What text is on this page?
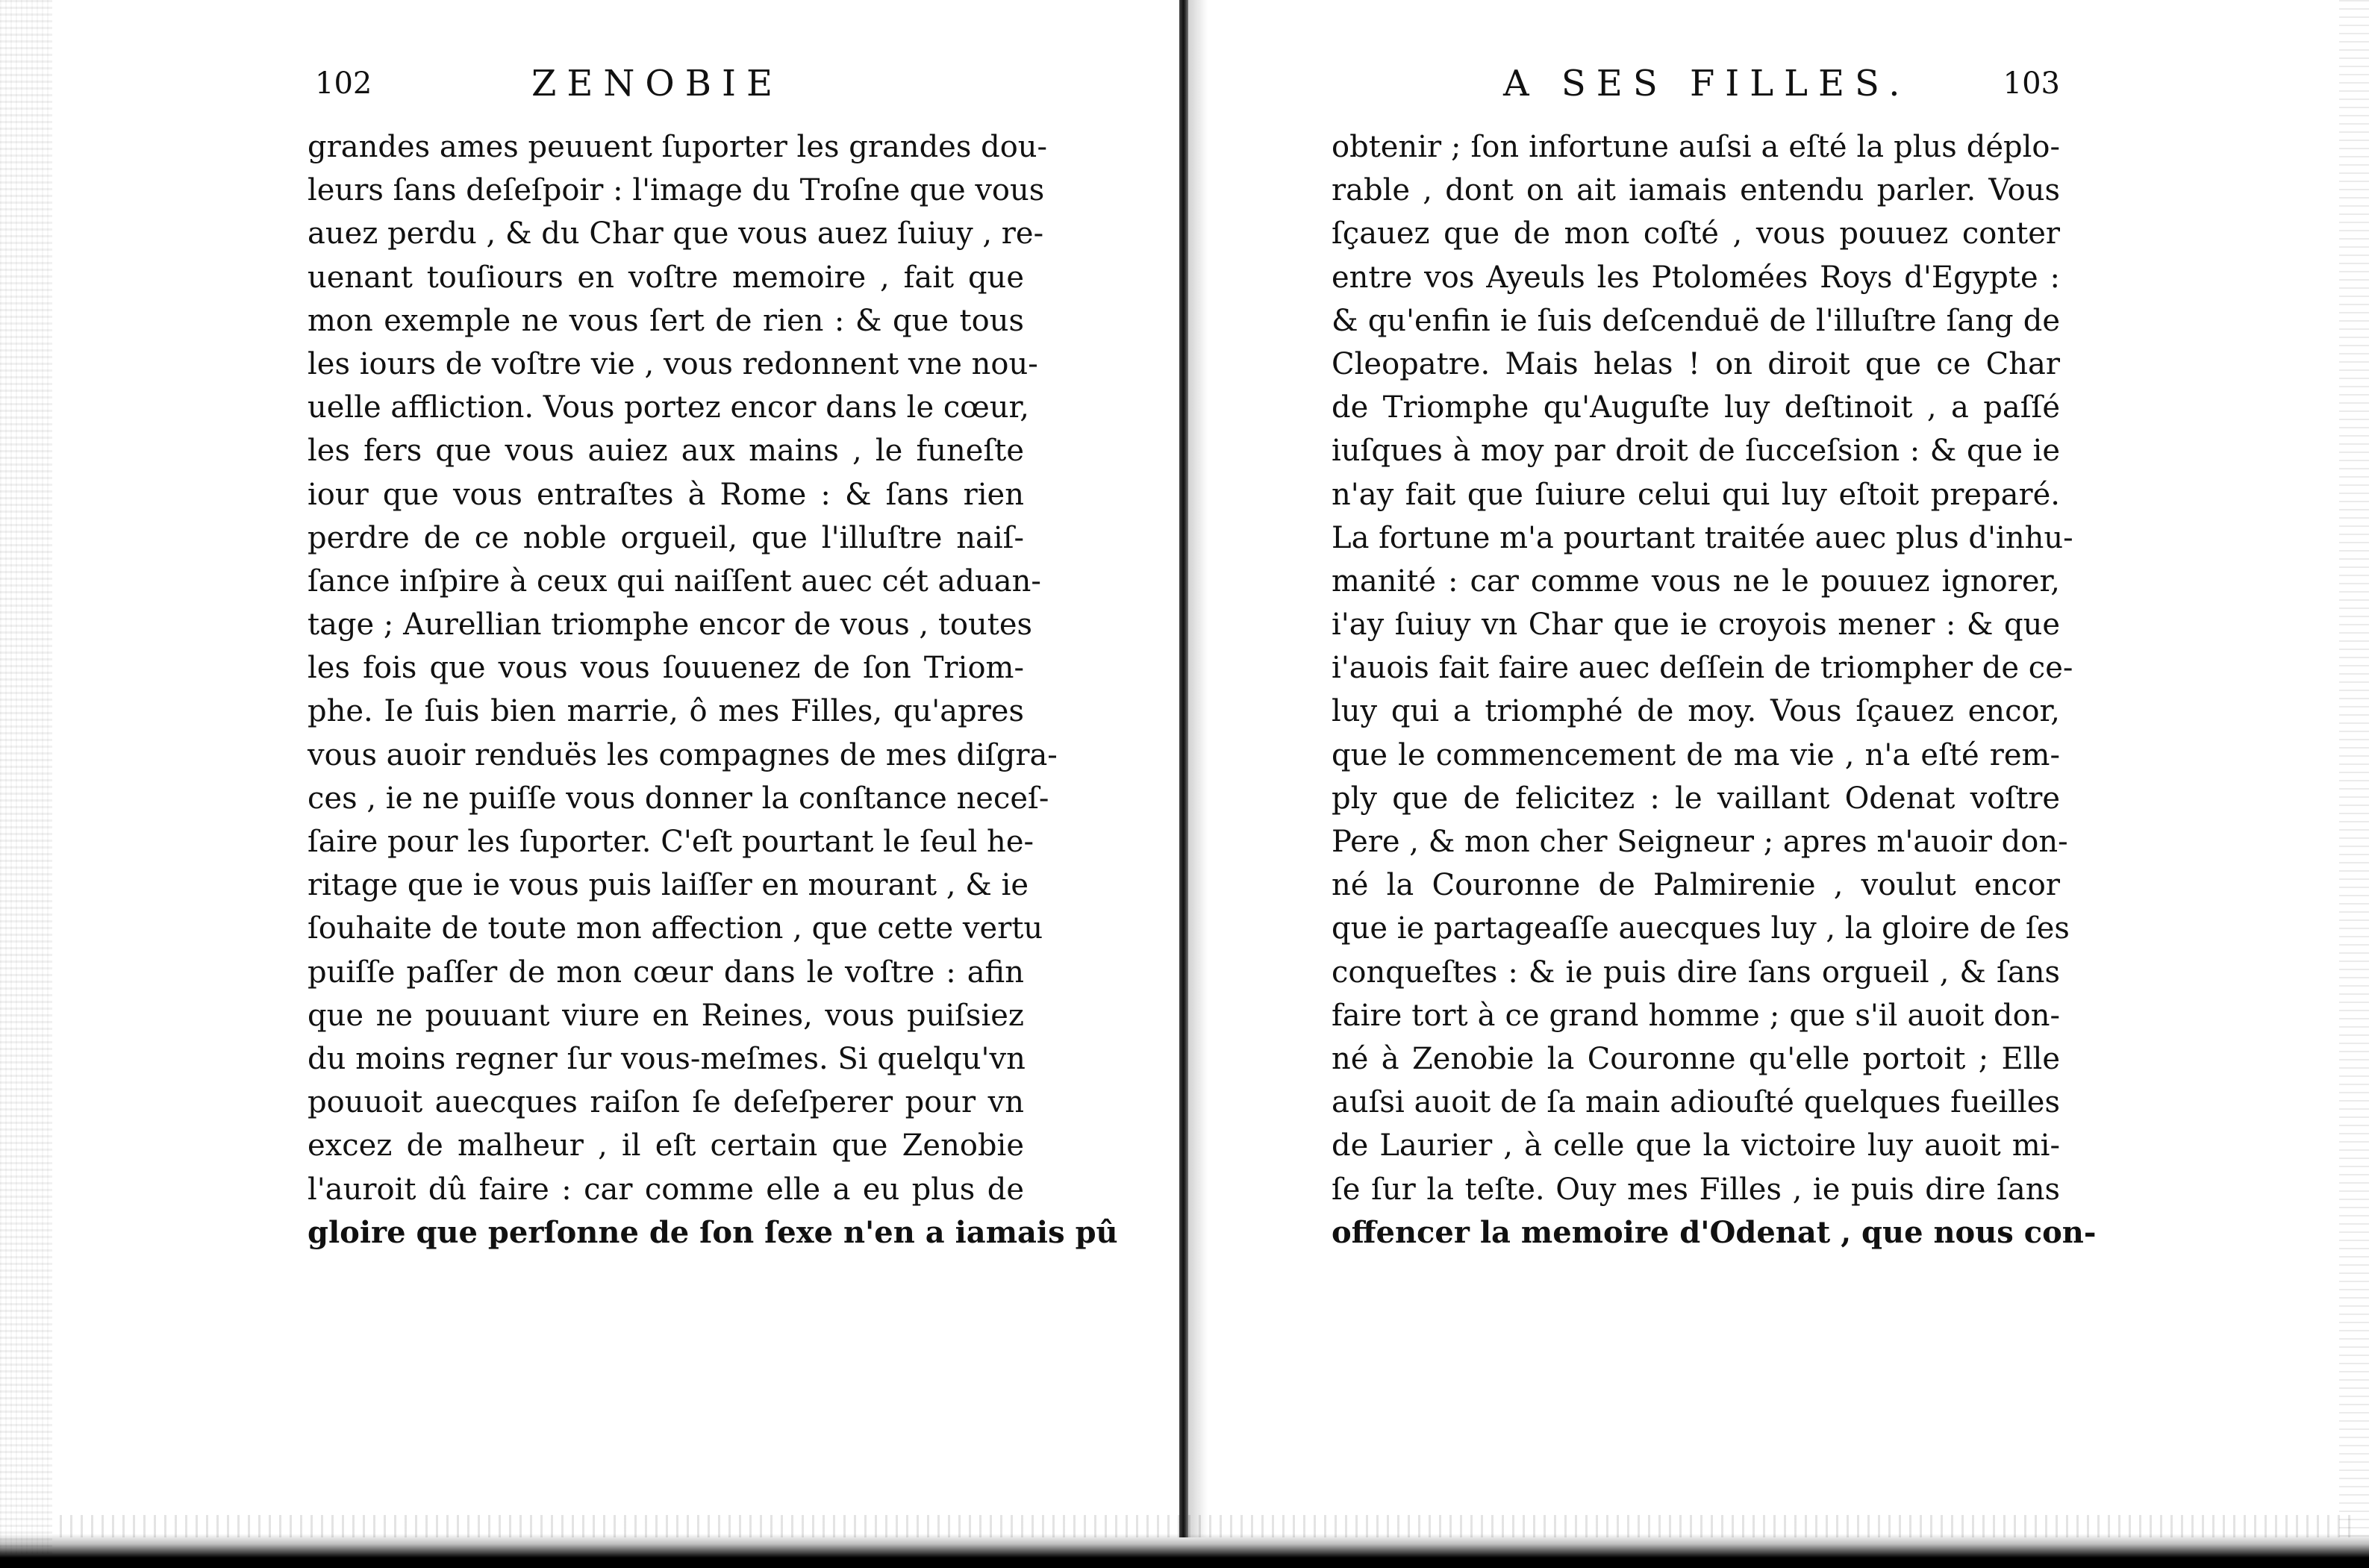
102	ZENOBIE
grandes ames peuuent ſuporter les grandes dou-
leurs ſans deſeſpoir : l'image du Troſne que vous
auez perdu , & du Char que vous auez ſuiuy , re-
uenant touſiours en voſtre memoire , fait que
mon exemple ne vous ſert de rien : & que tous
les iours de voſtre vie , vous redonnent vne nou-
uelle affliction. Vous portez encor dans le cœur,
les fers que vous auiez aux mains , le funeſte
iour que vous entraſtes à Rome : & ſans rien
perdre de ce noble orgueil, que l'illuſtre naiſ-
ſance inſpire à ceux qui naiſſent auec cét aduan-
tage ; Aurellian triomphe encor de vous , toutes
les fois que vous vous ſouuenez de ſon Triom-
phe. Ie ſuis bien marrie, ô mes Filles, qu'apres
vous auoir renduës les compagnes de mes diſgra-
ces , ie ne puiſſe vous donner la conſtance neceſ-
ſaire pour les ſuporter. C'eſt pourtant le ſeul he-
ritage que ie vous puis laiſſer en mourant , & ie
ſouhaite de toute mon affection , que cette vertu
puiſſe paſſer de mon cœur dans le voſtre : afin
que ne pouuant viure en Reines, vous puiſsiez
du moins regner ſur vous-meſmes. Si quelqu'vn
pouuoit auecques raiſon ſe deſeſperer pour vn
excez de malheur , il eſt certain que Zenobie
l'auroit dû faire : car comme elle a eu plus de
gloire que perſonne de ſon ſexe n'en a iamais pû
A SES FILLES.	103
obtenir ; ſon infortune auſsi a eſté la plus déplo-
rable , dont on ait iamais entendu parler. Vous
ſçauez que de mon coſté , vous pouuez conter
entre vos Ayeuls les Ptolomées Roys d'Egypte :
& qu'enfin ie ſuis deſcenduë de l'illuſtre ſang de
Cleopatre. Mais helas ! on diroit que ce Char
de Triomphe qu'Auguſte luy deſtinoit , a paſſé
iuſques à moy par droit de ſucceſsion : & que ie
n'ay fait que ſuiure celui qui luy eſtoit preparé.
La fortune m'a pourtant traitée auec plus d'inhu-
manité : car comme vous ne le pouuez ignorer,
i'ay ſuiuy vn Char que ie croyois mener : & que
i'auois fait faire auec deſſein de triompher de ce-
luy qui a triomphé de moy. Vous ſçauez encor,
que le commencement de ma vie , n'a eſté rem-
ply que de felicitez : le vaillant Odenat voſtre
Pere , & mon cher Seigneur ; apres m'auoir don-
né la Couronne de Palmirenie , voulut encor
que ie partageaſſe auecques luy , la gloire de ſes
conqueſtes : & ie puis dire ſans orgueil , & ſans
faire tort à ce grand homme ; que s'il auoit don-
né à Zenobie la Couronne qu'elle portoit ; Elle
auſsi auoit de ſa main adiouſté quelques fueilles
de Laurier , à celle que la victoire luy auoit mi-
ſe ſur la teſte. Ouy mes Filles , ie puis dire ſans
offencer la memoire d'Odenat , que nous con-
